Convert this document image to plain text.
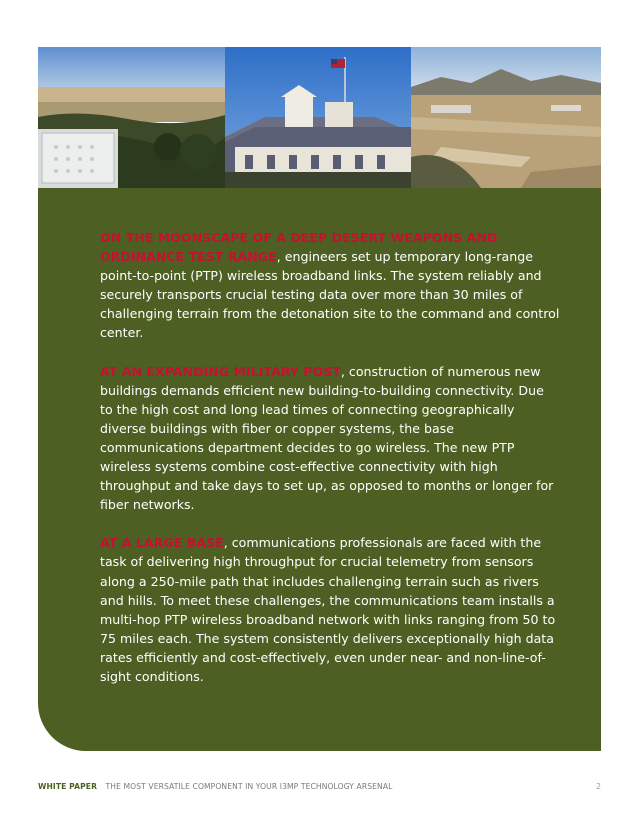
ON THE MOONSCAPE OF A DEEP DESERT WEAPONS AND ORDINANCE TEST RANGE, engineers set up temporary long-range point-to-point (PTP) wireless broadband links. The system reliably and securely transports crucial testing data over more than 30 miles of challenging terrain from the detonation site to the command and control center.

AT AN EXPANDING MILITARY POST, construction of numerous new buildings demands efficient new building-to-building connectivity. Due to the high cost and long lead times of connecting geographically diverse buildings with fiber or copper systems, the base communications department decides to go wireless. The new PTP wireless systems combine cost-effective connectivity with high throughput and take days to set up, as opposed to months or longer for fiber networks.

AT A LARGE BASE, communications professionals are faced with the task of delivering high throughput for crucial telemetry from sensors along a 250-mile path that includes challenging terrain such as rivers and hills. To meet these challenges, the communications team installs a multi-hop PTP wireless broadband network with links ranging from 50 to 75 miles each. The system consistently delivers exceptionally high data rates efficiently and cost-effectively, even under near- and non-line-of-sight conditions.

WHITE PAPER THE MOST VERSATILE COMPONENT IN YOUR I3MP TECHNOLOGY ARSENAL	2
